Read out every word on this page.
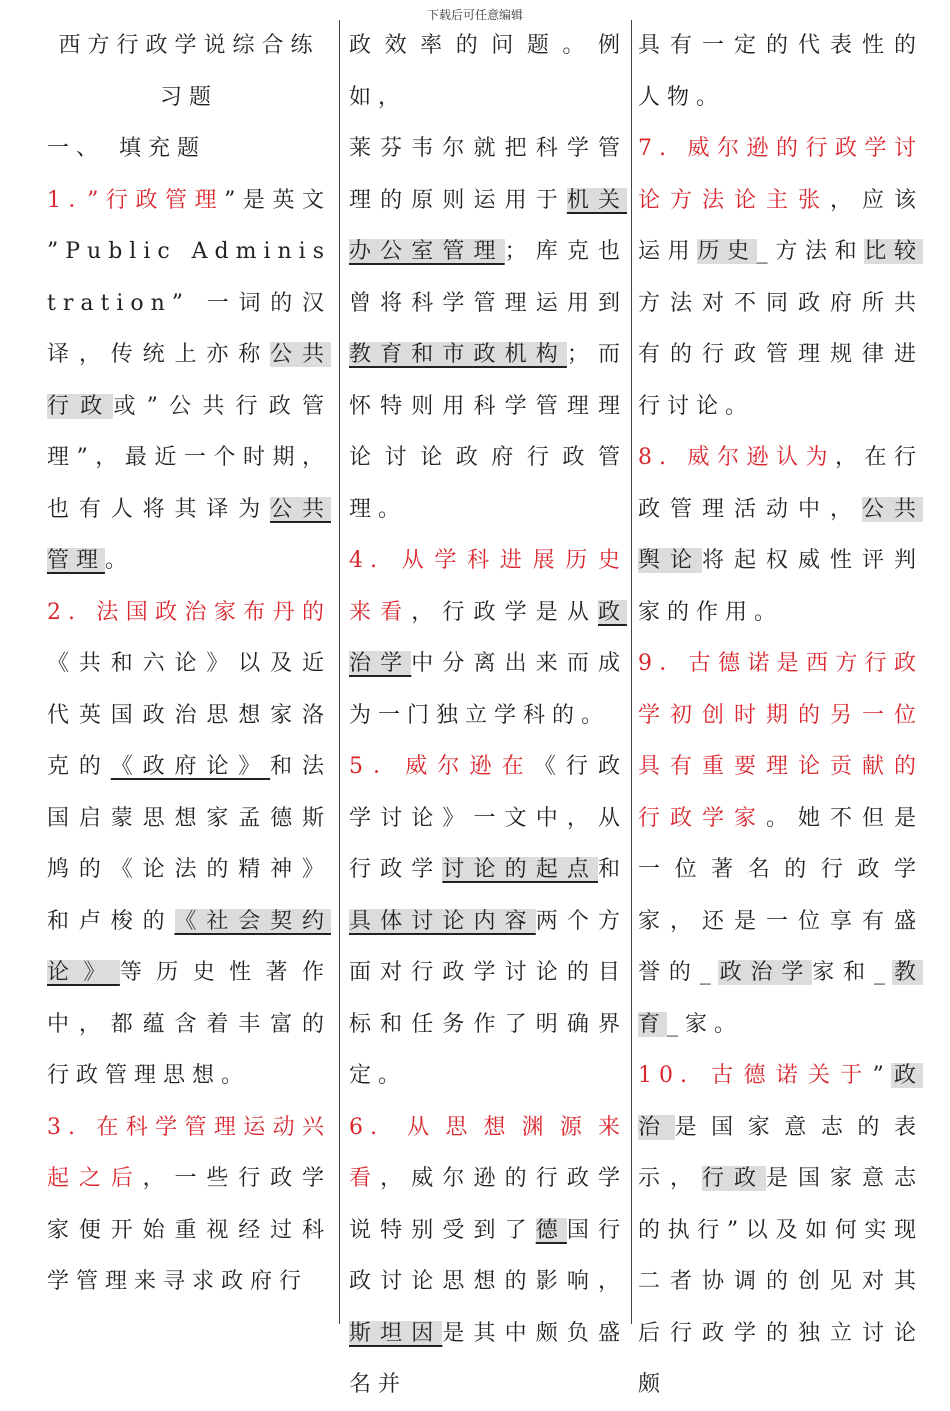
下载后可任意编辑
西方行政学说综合练
习题
一、 填充题
1．”行政管理”是英文 ”Public Administration” 一词的汉译，传统上亦称公共行政或”公共行政管理”，最近一个时期，也有人将其译为公共管理。
2. 法国政治家布丹的《共和六论》以及近代英国政治思想家洛克的《政府论》和法国启蒙思想家孟德斯鸠的《论法的精神》和卢梭的《社会契约论》等历史性著作中，都蕴含着丰富的行政管理思想。
3. 在科学管理运动兴起之后，一些行政学家便开始重视经过科学管理来寻求政府行
政效率的问题。例如，
莱芬韦尔就把科学管理的原则运用于机关办公室管理；库克也曾将科学管理运用到教育和市政机构；而怀特则用科学管理理论讨论政府行政管理。
4. 从学科进展历史来看，行政学是从政治学中分离出来而成为一门独立学科的。
5．威尔逊在《行政学讨论》一文中，从行政学讨论的起点和具体讨论内容两个方面对行政学讨论的目标和任务作了明确界定。
6. 从思想渊源来看，威尔逊的行政学说特别受到了德国行政讨论思想的影响，斯坦因是其中颇负盛名并
具有一定的代表性的人物。
7. 威尔逊的行政学讨论方法论主张，应该运用历史_方法和比较方法对不同政府所共有的行政管理规律进行讨论。
8. 威尔逊认为，在行政管理活动中，公共舆论将起权威性评判家的作用。
9．古德诺是西方行政学初创时期的另一位具有重要理论贡献的行政学家。她不但是一位著名的行政学家，还是一位享有盛誉的_政治学家和_教育_家。
10. 古德诺关于”政治是国家意志的表示，行政是国家意志的执行”以及如何实现二者协调的创见对其后行政学的独立讨论颇
